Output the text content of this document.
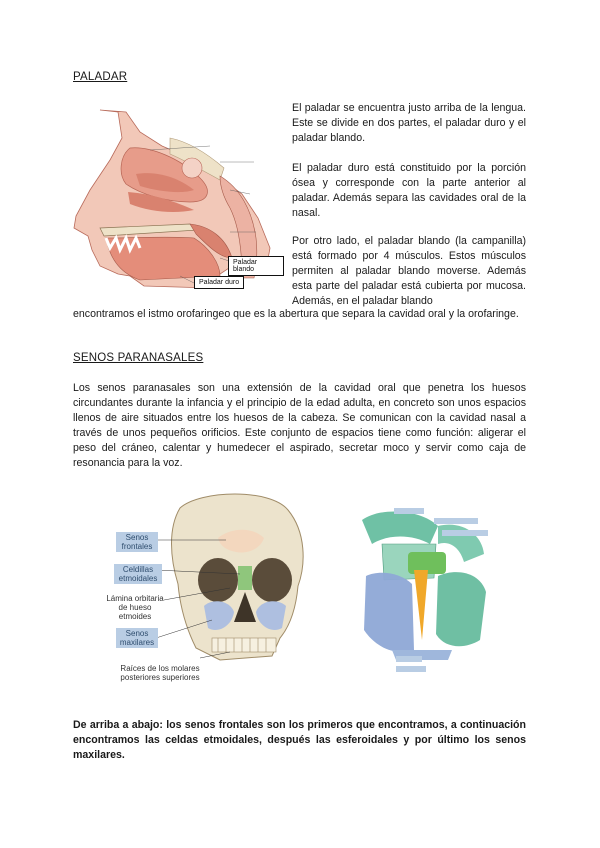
PALADAR
Paladar blando
Paladar duro
El paladar se encuentra justo arriba de la lengua. Este se divide en dos partes, el paladar duro y el paladar blando.
El paladar duro está constituido por la porción ósea y corresponde con la parte anterior al paladar. Además separa las cavidades oral de la nasal.
Por otro lado, el paladar blando (la campanilla) está formado por 4 músculos. Estos músculos permiten al paladar blando moverse. Además esta parte del paladar está cubierta por mucosa. Además, en el paladar blando
encontramos el istmo orofaringeo que es la abertura que separa la cavidad oral y la orofaringe.
SENOS PARANASALES
Los senos paranasales son una extensión de la cavidad oral que penetra los huesos circundantes durante la infancia y el principio de la edad adulta, en concreto son unos espacios llenos de aire situados entre los huesos de la cabeza. Se comunican con la cavidad nasal a través de unos pequeños orificios. Este conjunto de espacios tiene como función: aligerar el peso del cráneo, calentar y humedecer el aspirado, secretar moco y servir como caja de resonancia para la voz.
Senos frontales
Celdillas etmoidales
Lámina orbitaria de hueso etmoides
Senos maxilares
Raíces de los molares posteriores superiores
De arriba a abajo: los senos frontales son los primeros que encontramos, a continuación encontramos las celdas etmoidales, después las esferoidales y por último los senos maxilares.
